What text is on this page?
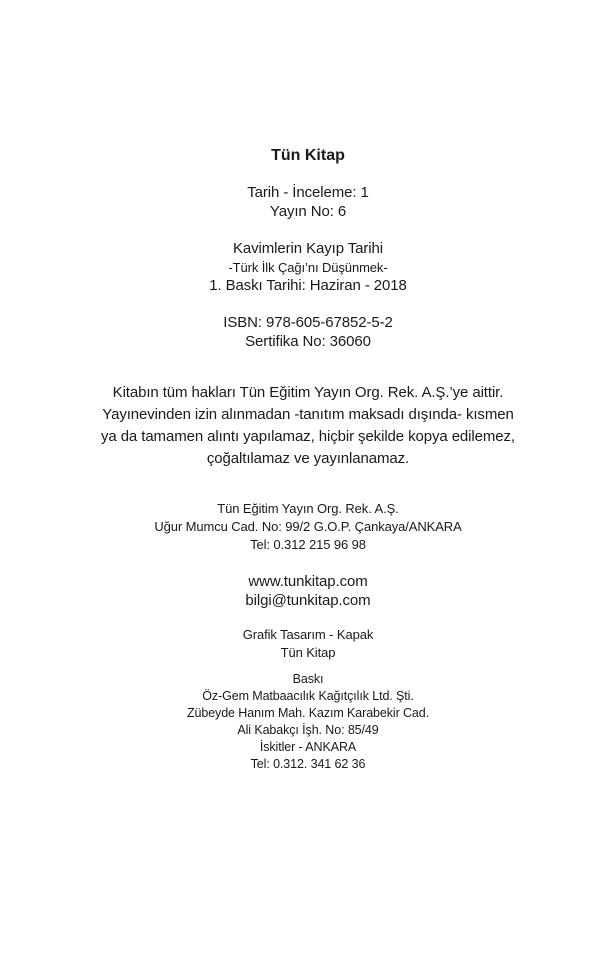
Tün Kitap
Tarih - İnceleme: 1
Yayın No: 6
Kavimlerin Kayıp Tarihi
-Türk İlk Çağı’nı Düşünmek-
1. Baskı Tarihi: Haziran - 2018
ISBN: 978-605-67852-5-2
Sertifika No: 36060
Kitabın tüm hakları Tün Eğitim Yayın Org. Rek. A.Ş.’ye aittir.
Yayınevinden izin alınmadan -tanıtım maksadı dışında- kısmen
ya da tamamen alıntı yapılamaz, hiçbir şekilde kopya edilemez,
çoğaltılamaz ve yayınlanamaz.
Tün Eğitim Yayın Org. Rek. A.Ş.
Uğur Mumcu Cad. No: 99/2 G.O.P. Çankaya/ANKARA
Tel: 0.312 215 96 98
www.tunkitap.com
bilgi@tunkitap.com
Grafik Tasarım - Kapak
Tün Kitap
Baskı
Öz-Gem Matbaacılık Kağıtçılık Ltd. Şti.
Zübeyde Hanım Mah. Kazım Karabekir Cad.
Ali Kabakçı İşh. No: 85/49
İskitler - ANKARA
Tel: 0.312. 341 62 36
